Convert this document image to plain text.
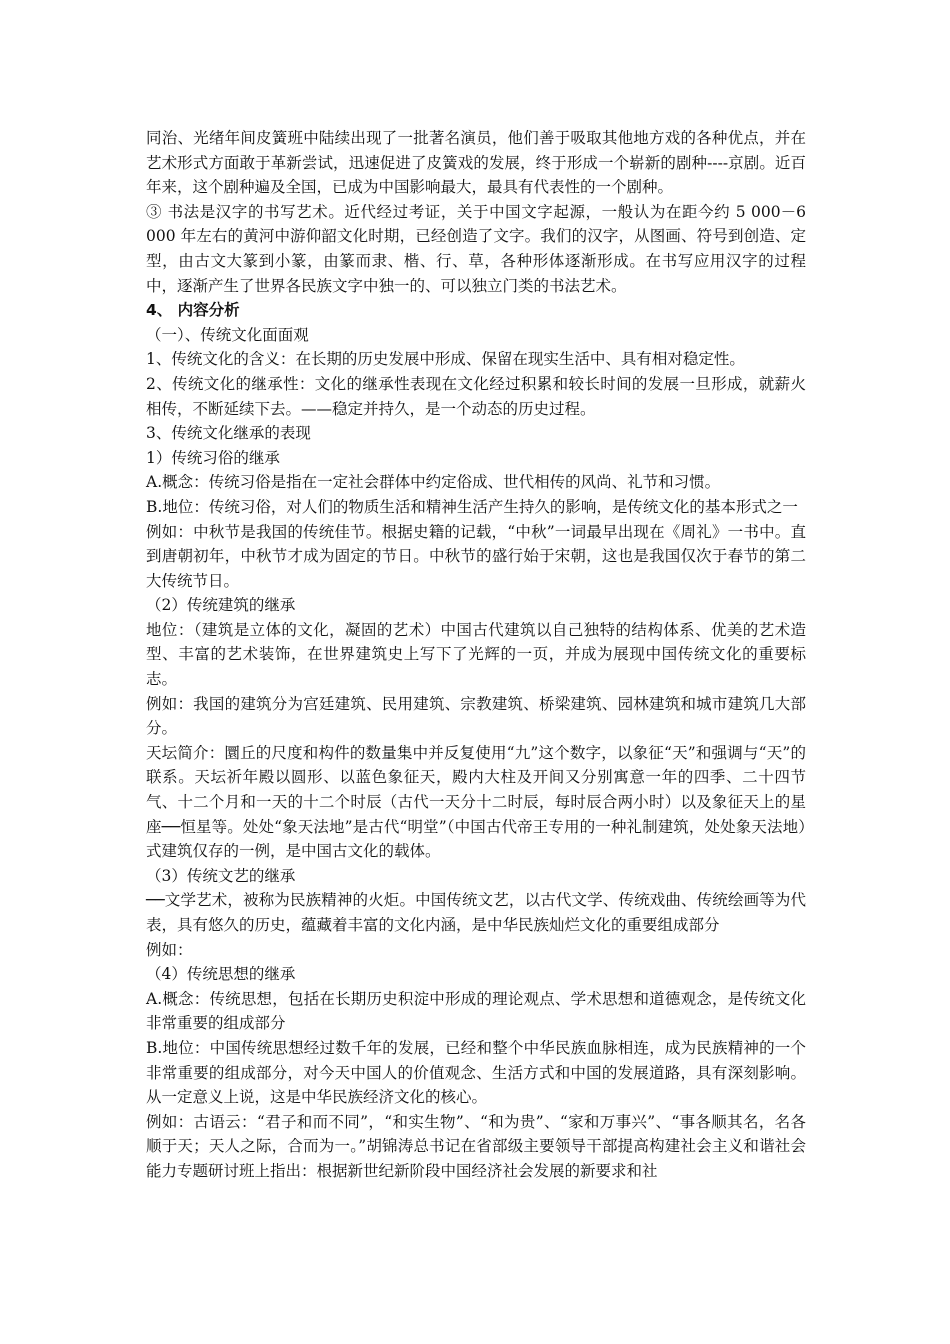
同治、光绪年间皮簧班中陆续出现了一批著名演员，他们善于吸取其他地方戏的各种优点，并在艺术形式方面敢于革新尝试，迅速促进了皮簧戏的发展，终于形成一个崭新的剧种----京剧。近百年来，这个剧种遍及全国，已成为中国影响最大，最具有代表性的一个剧种。

③ 书法是汉字的书写艺术。近代经过考证，关于中国文字起源，一般认为在距今约 5 000－6 000 年左右的黄河中游仰韶文化时期，已经创造了文字。我们的汉字，从图画、符号到创造、定型，由古文大篆到小篆，由篆而隶、楷、行、草，各种形体逐渐形成。在书写应用汉字的过程中，逐渐产生了世界各民族文字中独一的、可以独立门类的书法艺术。

4、 内容分析

（一）、传统文化面面观

1、传统文化的含义：在长期的历史发展中形成、保留在现实生活中、具有相对稳定性。

2、传统文化的继承性：文化的继承性表现在文化经过积累和较长时间的发展一旦形成，就薪火相传，不断延续下去。——稳定并持久，是一个动态的历史过程。

3、传统文化继承的表现

1）传统习俗的继承

A.概念：传统习俗是指在一定社会群体中约定俗成、世代相传的风尚、礼节和习惯。

B.地位：传统习俗，对人们的物质生活和精神生活产生持久的影响，是传统文化的基本形式之一

例如：中秋节是我国的传统佳节。根据史籍的记载，“中秋”一词最早出现在《周礼》一书中。直到唐朝初年，中秋节才成为固定的节日。中秋节的盛行始于宋朝，这也是我国仅次于春节的第二大传统节日。

（2）传统建筑的继承

地位：（建筑是立体的文化，凝固的艺术）中国古代建筑以自己独特的结构体系、优美的艺术造型、丰富的艺术装饰，在世界建筑史上写下了光辉的一页，并成为展现中国传统文化的重要标志。

例如：我国的建筑分为宫廷建筑、民用建筑、宗教建筑、桥梁建筑、园林建筑和城市建筑几大部分。

天坛简介：圜丘的尺度和构件的数量集中并反复使用“九”这个数字，以象征“天”和强调与“天”的联系。天坛祈年殿以圆形、以蓝色象征天，殿内大柱及开间又分别寓意一年的四季、二十四节气、十二个月和一天的十二个时辰（古代一天分十二时辰，每时辰合两小时）以及象征天上的星座──恒星等。处处“象天法地”是古代“明堂”（中国古代帝王专用的一种礼制建筑，处处象天法地）式建筑仅存的一例，是中国古文化的载体。

（3）传统文艺的继承

──文学艺术，被称为民族精神的火炬。中国传统文艺，以古代文学、传统戏曲、传统绘画等为代表，具有悠久的历史，蕴藏着丰富的文化内涵，是中华民族灿烂文化的重要组成部分

例如：

（4）传统思想的继承

A.概念：传统思想，包括在长期历史积淀中形成的理论观点、学术思想和道德观念，是传统文化非常重要的组成部分

B.地位：中国传统思想经过数千年的发展，已经和整个中华民族血脉相连，成为民族精神的一个非常重要的组成部分，对今天中国人的价值观念、生活方式和中国的发展道路，具有深刻影响。从一定意义上说，这是中华民族经济文化的核心。

例如：古语云：“君子和而不同”，“和实生物”、“和为贵”、“家和万事兴”、“事各顺其名，名各顺于天；天人之际，合而为一。”胡锦涛总书记在省部级主要领导干部提高构建社会主义和谐社会能力专题研讨班上指出：根据新世纪新阶段中国经济社会发展的新要求和社
